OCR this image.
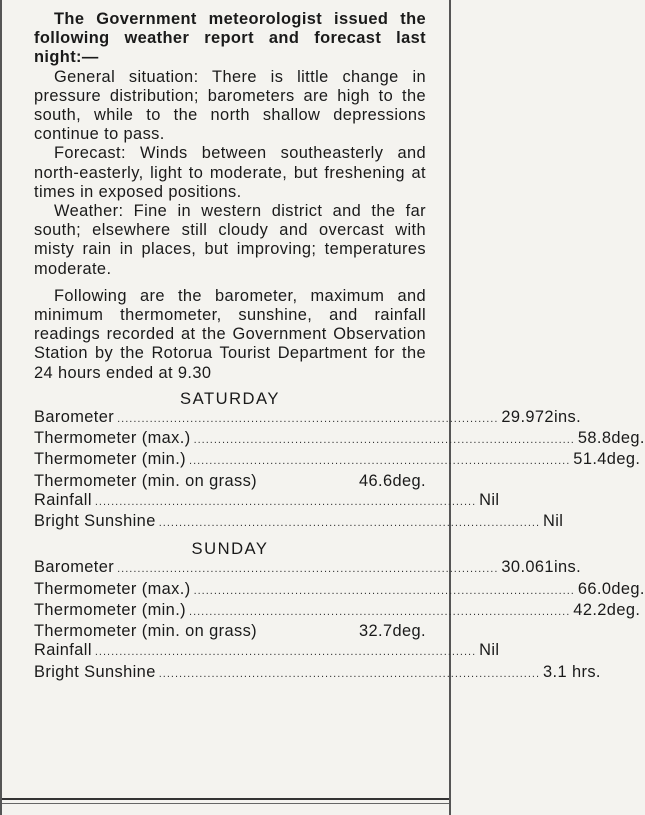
The Government meteorologist issued the following weather report and forecast last night:—

General situation: There is little change in pressure distribution; barometers are high to the south, while to the north shallow depressions continue to pass.

Forecast: Winds between southeasterly and north-easterly, light to moderate, but freshening at times in exposed positions.

Weather: Fine in western district and the far south; elsewhere still cloudy and overcast with misty rain in places, but improving; temperatures moderate.

Following are the barometer, maximum and minimum thermometer, sunshine, and rainfall readings recorded at the Government Observation Station by the Rotorua Tourist Department for the 24 hours ended at 9.30

SATURDAY
Barometer .............................................................................................. 29.972ins.
Thermometer (max.) .............................................................................................. 58.8deg.
Thermometer (min.) .............................................................................................. 51.4deg.
Thermometer (min. on grass)	46.6deg.
Rainfall .............................................................................................. Nil
Bright Sunshine .............................................................................................. Nil
SUNDAY
Barometer .............................................................................................. 30.061ins.
Thermometer (max.) .............................................................................................. 66.0deg.
Thermometer (min.) .............................................................................................. 42.2deg.
Thermometer (min. on grass)	32.7deg.
Rainfall .............................................................................................. Nil
Bright Sunshine .............................................................................................. 3.1 hrs.
